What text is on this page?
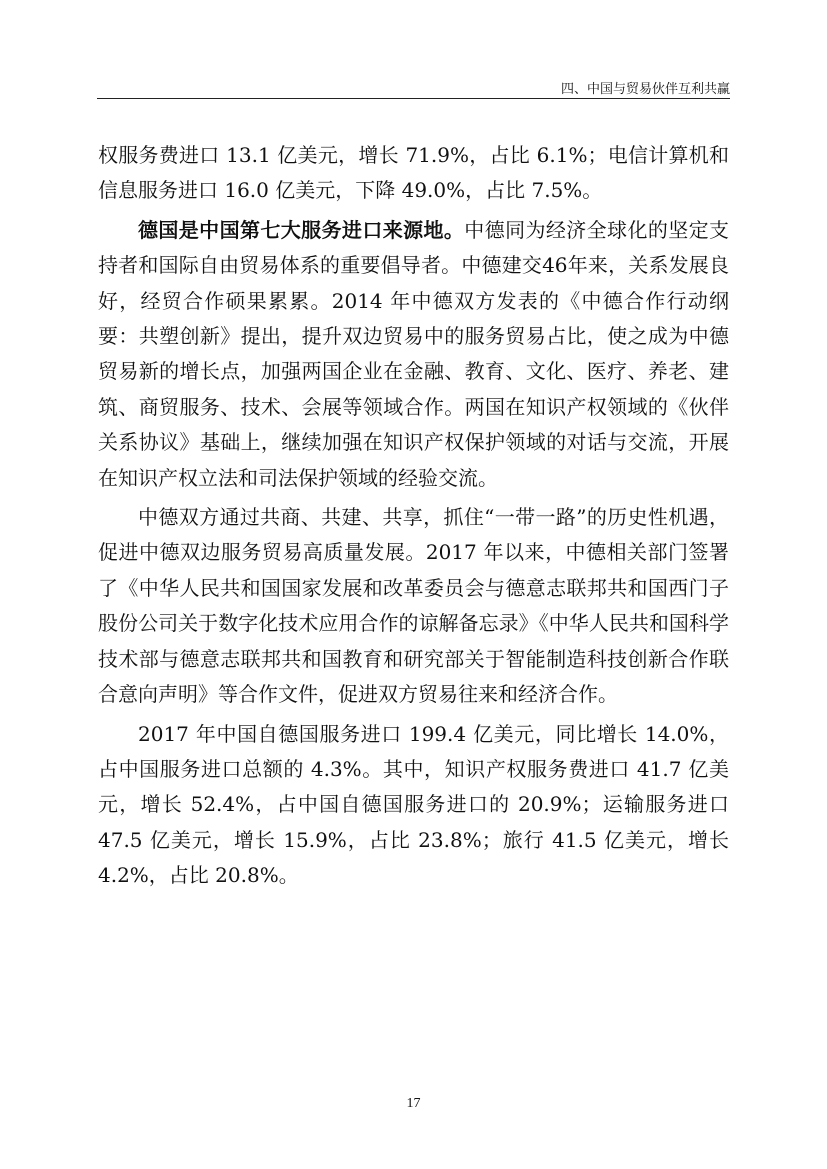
四、中国与贸易伙伴互利共赢

权服务费进口 13.1 亿美元，增长 71.9%，占比 6.1%；电信计算机和信息服务进口 16.0 亿美元，下降 49.0%，占比 7.5%。

德国是中国第七大服务进口来源地。中德同为经济全球化的坚定支持者和国际自由贸易体系的重要倡导者。中德建交46年来，关系发展良好，经贸合作硕果累累。2014 年中德双方发表的《中德合作行动纲要：共塑创新》提出，提升双边贸易中的服务贸易占比，使之成为中德贸易新的增长点，加强两国企业在金融、教育、文化、医疗、养老、建筑、商贸服务、技术、会展等领域合作。两国在知识产权领域的《伙伴关系协议》基础上，继续加强在知识产权保护领域的对话与交流，开展在知识产权立法和司法保护领域的经验交流。

中德双方通过共商、共建、共享，抓住“一带一路”的历史性机遇，促进中德双边服务贸易高质量发展。2017 年以来，中德相关部门签署了《中华人民共和国国家发展和改革委员会与德意志联邦共和国西门子股份公司关于数字化技术应用合作的谅解备忘录》《中华人民共和国科学技术部与德意志联邦共和国教育和研究部关于智能制造科技创新合作联合意向声明》等合作文件，促进双方贸易往来和经济合作。

2017 年中国自德国服务进口 199.4 亿美元，同比增长 14.0%，占中国服务进口总额的 4.3%。其中，知识产权服务费进口 41.7 亿美元，增长 52.4%，占中国自德国服务进口的 20.9%；运输服务进口 47.5 亿美元，增长 15.9%，占比 23.8%；旅行 41.5 亿美元，增长 4.2%，占比 20.8%。

17
